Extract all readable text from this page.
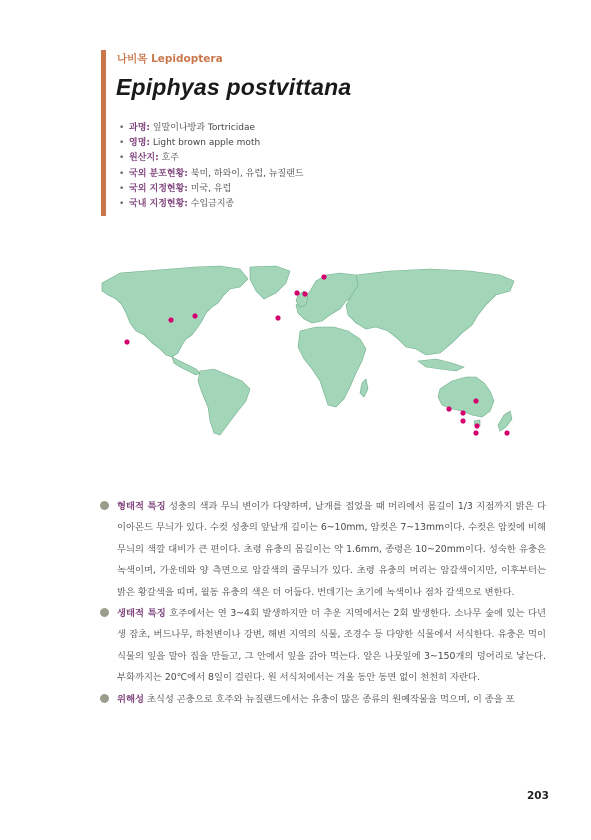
나비목 Lepidoptera
Epiphyas postvittana
• 과명: 잎말이나방과 Tortricidae
• 영명: Light brown apple moth
• 원산지: 호주
• 국외 분포현황: 북미, 하와이, 유럽, 뉴질랜드
• 국외 지정현황: 미국, 유럽
• 국내 지정현황: 수입금지종

형태적 특징 성충의 색과 무늬 변이가 다양하며, 날개를 접었을 때 머리에서 몸길이 1/3 지점까지 밝은 다이아몬드 무늬가 있다. 수컷 성충의 앞날개 길이는 6~10mm, 암컷은 7~13mm이다. 수컷은 암컷에 비해 무늬의 색깔 대비가 큰 편이다. 초령 유충의 몸길이는 약 1.6mm, 종령은 10~20mm이다. 성숙한 유충은 녹색이며, 가운데와 양 측면으로 암갈색의 줄무늬가 있다. 초령 유충의 머리는 암갈색이지만, 이후부터는 밝은 황갈색을 띠며, 월동 유충의 색은 더 어둡다. 번데기는 초기에 녹색이나 점차 갈색으로 변한다.

생태적 특징 호주에서는 연 3~4회 발생하지만 더 추운 지역에서는 2회 발생한다. 소나무 숲에 있는 다년생 잡초, 버드나무, 하천변이나 강변, 해변 지역의 식물, 조경수 등 다양한 식물에서 서식한다. 유충은 먹이식물의 잎을 말아 집을 만들고, 그 안에서 잎을 갉아 먹는다. 알은 나뭇잎에 3~150개의 덩어리로 낳는다. 부화까지는 20℃에서 8일이 걸린다. 원 서식처에서는 겨울 동안 동면 없이 천천히 자란다.

위해성 초식성 곤충으로 호주와 뉴질랜드에서는 유충이 많은 종류의 원예작물을 먹으며, 이 종을 포

203
